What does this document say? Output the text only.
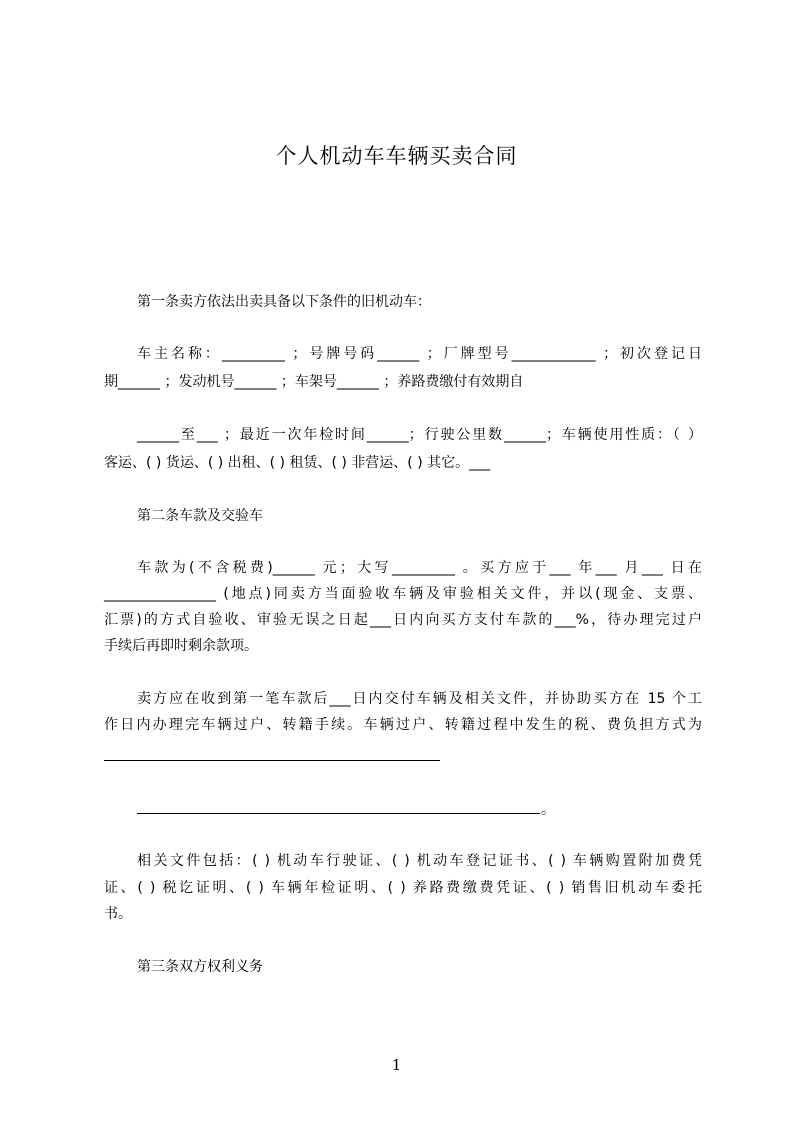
个人机动车车辆买卖合同
第一条卖方依法出卖具备以下条件的旧机动车：
车主名称：_________ ；号牌号码______ ；厂牌型号____________ ；初次登记日
期______ ；发动机号______ ；车架号______ ；养路费缴付有效期自
______至___ ；最近一次年检时间______；行驶公里数______；车辆使用性质：（ ）
客运、( ) 货运、( ) 出租、( ) 租赁、( ) 非营运、( ) 其它。___
第二条车款及交验车
车款为(不含税费)______ 元；大写_________ 。买方应于___ 年___ 月___ 日在
________________ (地点)同卖方当面验收车辆及审验相关文件，并以(现金、支票、
汇票)的方式自验收、审验无误之日起___日内向买方支付车款的___%，待办理完过户
手续后再即时剩余款项。
卖方应在收到第一笔车款后___日内交付车辆及相关文件，并协助买方在 15 个工
作日内办理完车辆过户、转籍手续。车辆过户、转籍过程中发生的税、费负担方式为
。
相关文件包括：( ) 机动车行驶证、( ) 机动车登记证书、( ) 车辆购置附加费凭
证、( ) 税讫证明、( ) 车辆年检证明、( ) 养路费缴费凭证、( ) 销售旧机动车委托
书。
第三条双方权利义务
1
